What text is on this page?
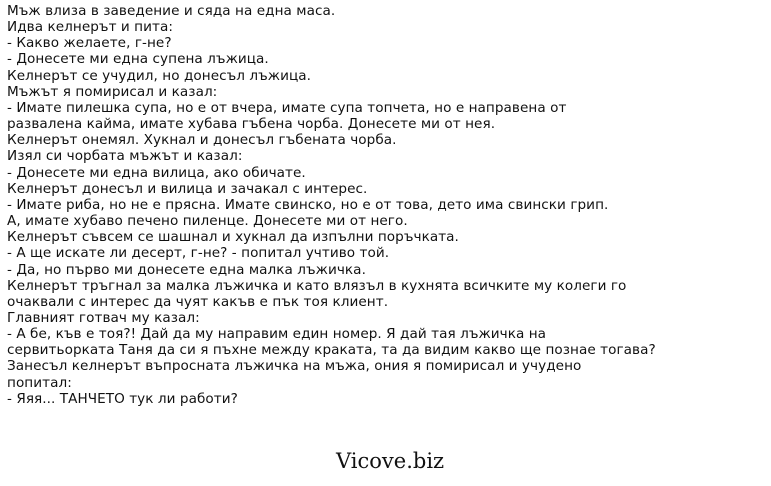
Мъж влиза в заведение и сяда на една маса.
Идва келнерът и пита:
- Какво желаете, г-не?
- Донесете ми една супена лъжица.
Келнерът се учудил, но донесъл лъжица.
Мъжът я помирисал и казал:
- Имате пилешка супа, но е от вчера, имате супа топчета, но е направена от
развалена каймa, имате хубава гъбена чорба. Донесете ми от нея.
Келнерът онемял. Хукнал и донесъл гъбената чорба.
Изял си чорбата мъжът и казал:
- Донесете ми една вилица, ако обичате.
Келнерът донесъл и вилица и зачакал с интерес.
- Имате риба, но не е прясна. Имате свинско, но е от това, дето има свински грип.
А, имате хубаво печено пиленце. Донесете ми от него.
Келнерът съвсем се шашнал и хукнал да изпълни поръчката.
- А ще искате ли десерт, г-не? - попитал учтиво той.
- Да, но първо ми донесете една малка лъжичка.
Келнерът тръгнал за малка лъжичка и като влязъл в кухнята всичките му колеги го
очаквали с интерес да чуят какъв е пък тоя клиент.
Главният готвач му казал:
- А бе, къв е тоя?! Дай да му направим един номер. Я дай тая лъжичка на
сервитьорката Таня да си я пъхне между краката, та да видим какво ще познае тогава?
Занесъл келнерът въпросната лъжичка на мъжа, ония я помирисал и учудено
попитал:
- Яяя... ТАНЧЕТО тук ли работи?
Vicove.biz
